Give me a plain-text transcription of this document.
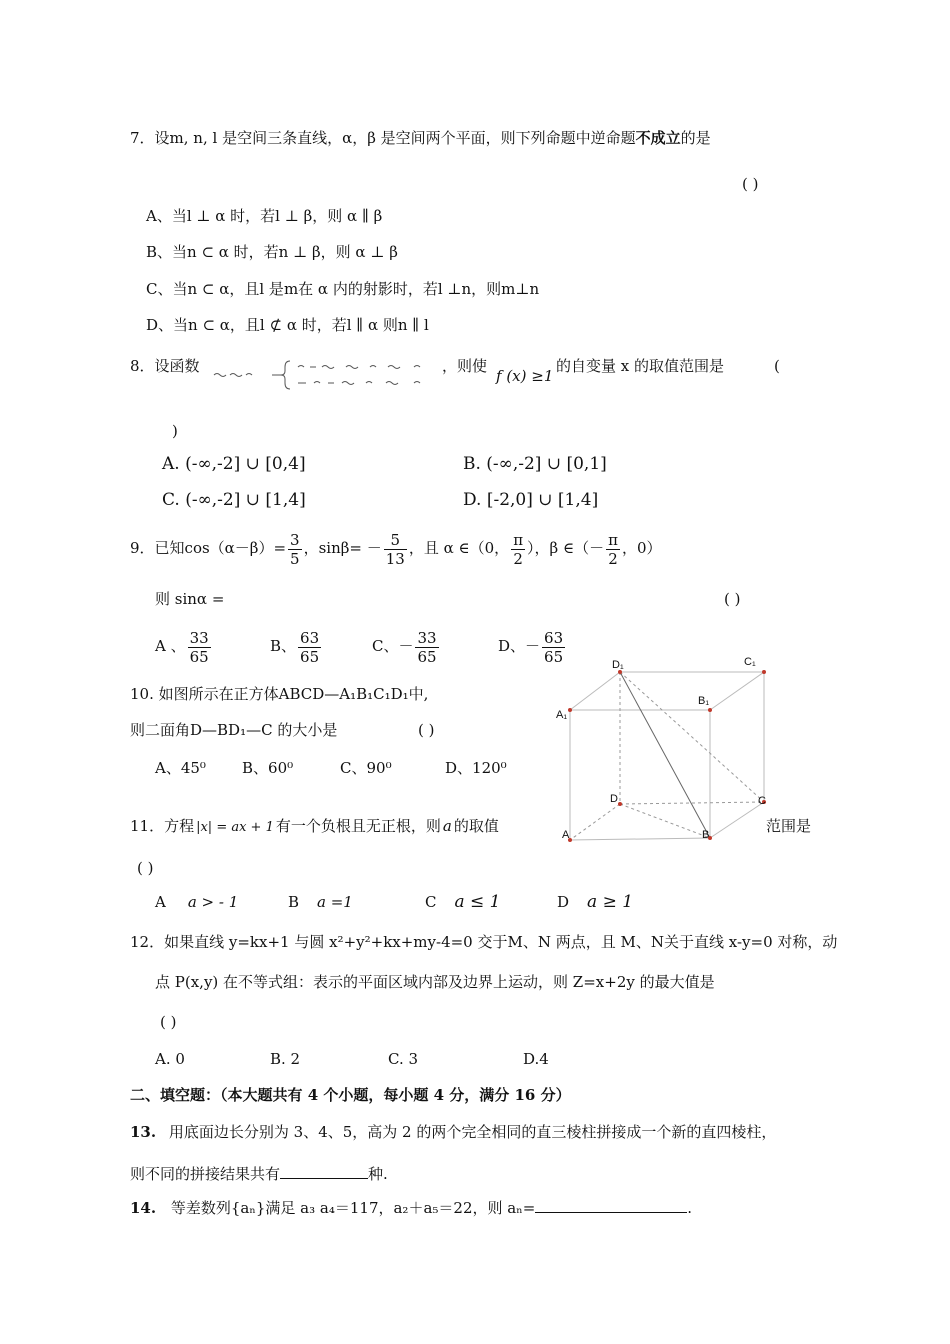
7．设m, n, l 是空间三条直线，α，β 是空间两个平面，则下列命题中逆命题不成立的是
( )
A、当l ⊥ α 时，若l ⊥ β，则 α ∥ β
B、当n ⊂ α 时，若n ⊥ β，则 α ⊥ β
C、当n ⊂ α，且l 是m在 α 内的射影时，若l ⊥n，则m⊥n
D、当n ⊂ α，且l ⊄ α 时，若l ∥ α 则n ∥ l
8．设函数	，则使
f (x) ≥1
的自变量 x 的取值范围是	(
)
A. (-∞,-2] ∪ [0,4]	B. (-∞,-2] ∪ [0,1]
C. (-∞,-2] ∪ [1,4]	D. [-2,0] ∪ [1,4]
9．已知$\cos(\alpha-\beta)= \frac{3}{5}$ ，$\sin\beta= - \frac{5}{13}$ ，且 α ∈（0， $\frac{\pi}{2}$ ），β ∈（－ $\frac{\pi}{2}$ ，0）
则 sinα =	( )
A 、 $\frac{33}{65}$	B、 $\frac{63}{65}$	C、－ $\frac{33}{65}$	D、－ $\frac{63}{65}$
10. 如图所示在正方体ABCD—A₁B₁C₁D₁中,
则二面角D—BD₁—C 的大小是	( )
A、45⁰ B、60⁰	C、90⁰	D、120⁰
D₁	C₁
A₁
B₁
D	C
A	B
11．方程 |x| = ax + 1 有一个负根且无正根，则 a 的取值	范围是
( )
A a > - 1	B a =1	C a ≤ 1	D a ≥ 1
12．如果直线 y=kx+1 与圆 x²+y²+kx+my-4=0 交于M、N 两点，且 M、N关于直线 x-y=0 对称，动
点 P(x,y) 在不等式组：表示的平面区域内部及边界上运动，则 Z=x+2y 的最大值是
( )
A. 0	B. 2	C. 3	D.4
二、填空题：（本大题共有 4 个小题，每小题 4 分，满分 16 分）
13. 用底面边长分别为 3、4、5，高为 2 的两个完全相同的直三棱柱拼接成一个新的直四棱柱，
则不同的拼接结果共有	种.
14. 等差数列{aₙ}满足 a₃ a₄＝117，a₂＋a₅＝22，则 aₙ=	.
